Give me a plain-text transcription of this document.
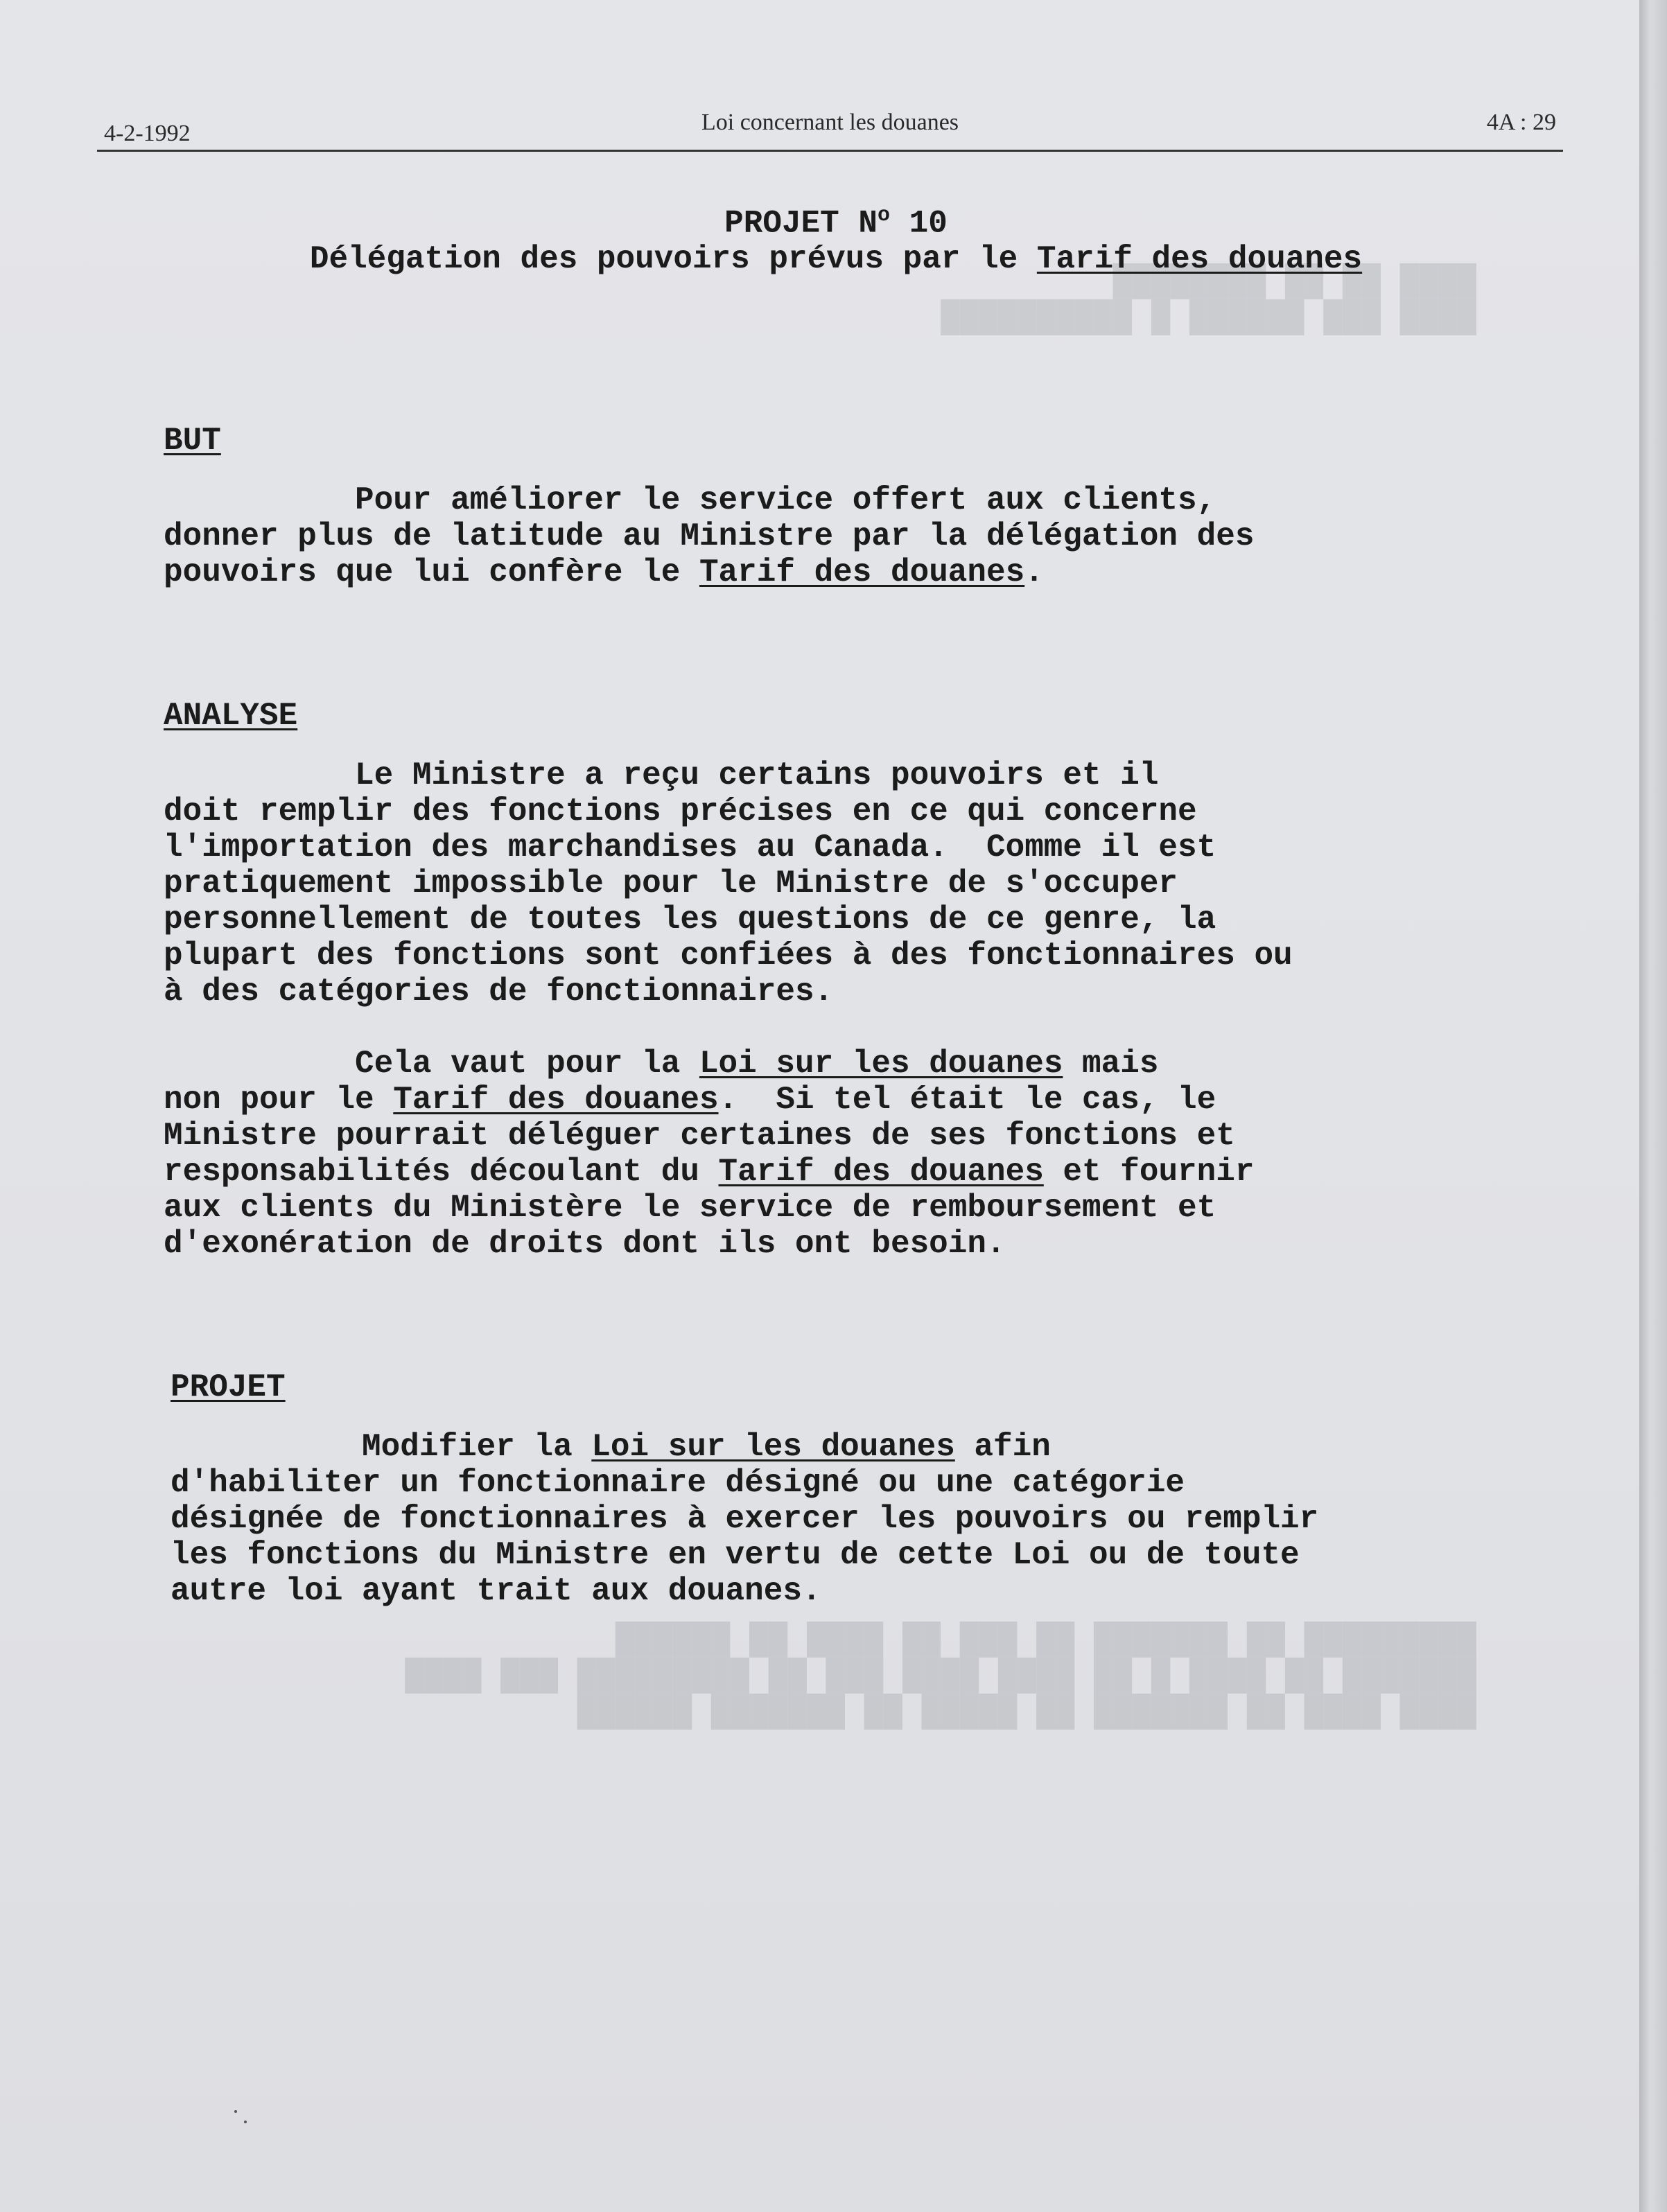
████ ██ ██ ████████
████ ███ ██████ █ ██████████
█████████ ██ ███████ ██ ███ ██ ████ ██ ██████
███████ ██ ████ █ ██ ████ ████ ███ ██ █████████ ███ ████
████ ████ ██ ███████ ██ █████ ██ ███████ ██████
4-2-1992	Loi concernant les douanes	4A : 29
PROJET $N^o$ 10
Délégation des pouvoirs prévus par le Tarif des douanes
BUT
Pour améliorer le service offert aux clients,
donner plus de latitude au Ministre par la délégation des
pouvoirs que lui confère le Tarif des douanes.
ANALYSE
Le Ministre a reçu certains pouvoirs et il
doit remplir des fonctions précises en ce qui concerne
l'importation des marchandises au Canada.  Comme il est
pratiquement impossible pour le Ministre de s'occuper
personnellement de toutes les questions de ce genre, la
plupart des fonctions sont confiées à des fonctionnaires ou
à des catégories de fonctionnaires.
Cela vaut pour la Loi sur les douanes mais
non pour le Tarif des douanes.  Si tel était le cas, le
Ministre pourrait déléguer certaines de ses fonctions et
responsabilités découlant du Tarif des douanes et fournir
aux clients du Ministère le service de remboursement et
d'exonération de droits dont ils ont besoin.
PROJET
Modifier la Loi sur les douanes afin
d'habiliter un fonctionnaire désigné ou une catégorie
désignée de fonctionnaires à exercer les pouvoirs ou remplir
les fonctions du Ministre en vertu de cette Loi ou de toute
autre loi ayant trait aux douanes.
